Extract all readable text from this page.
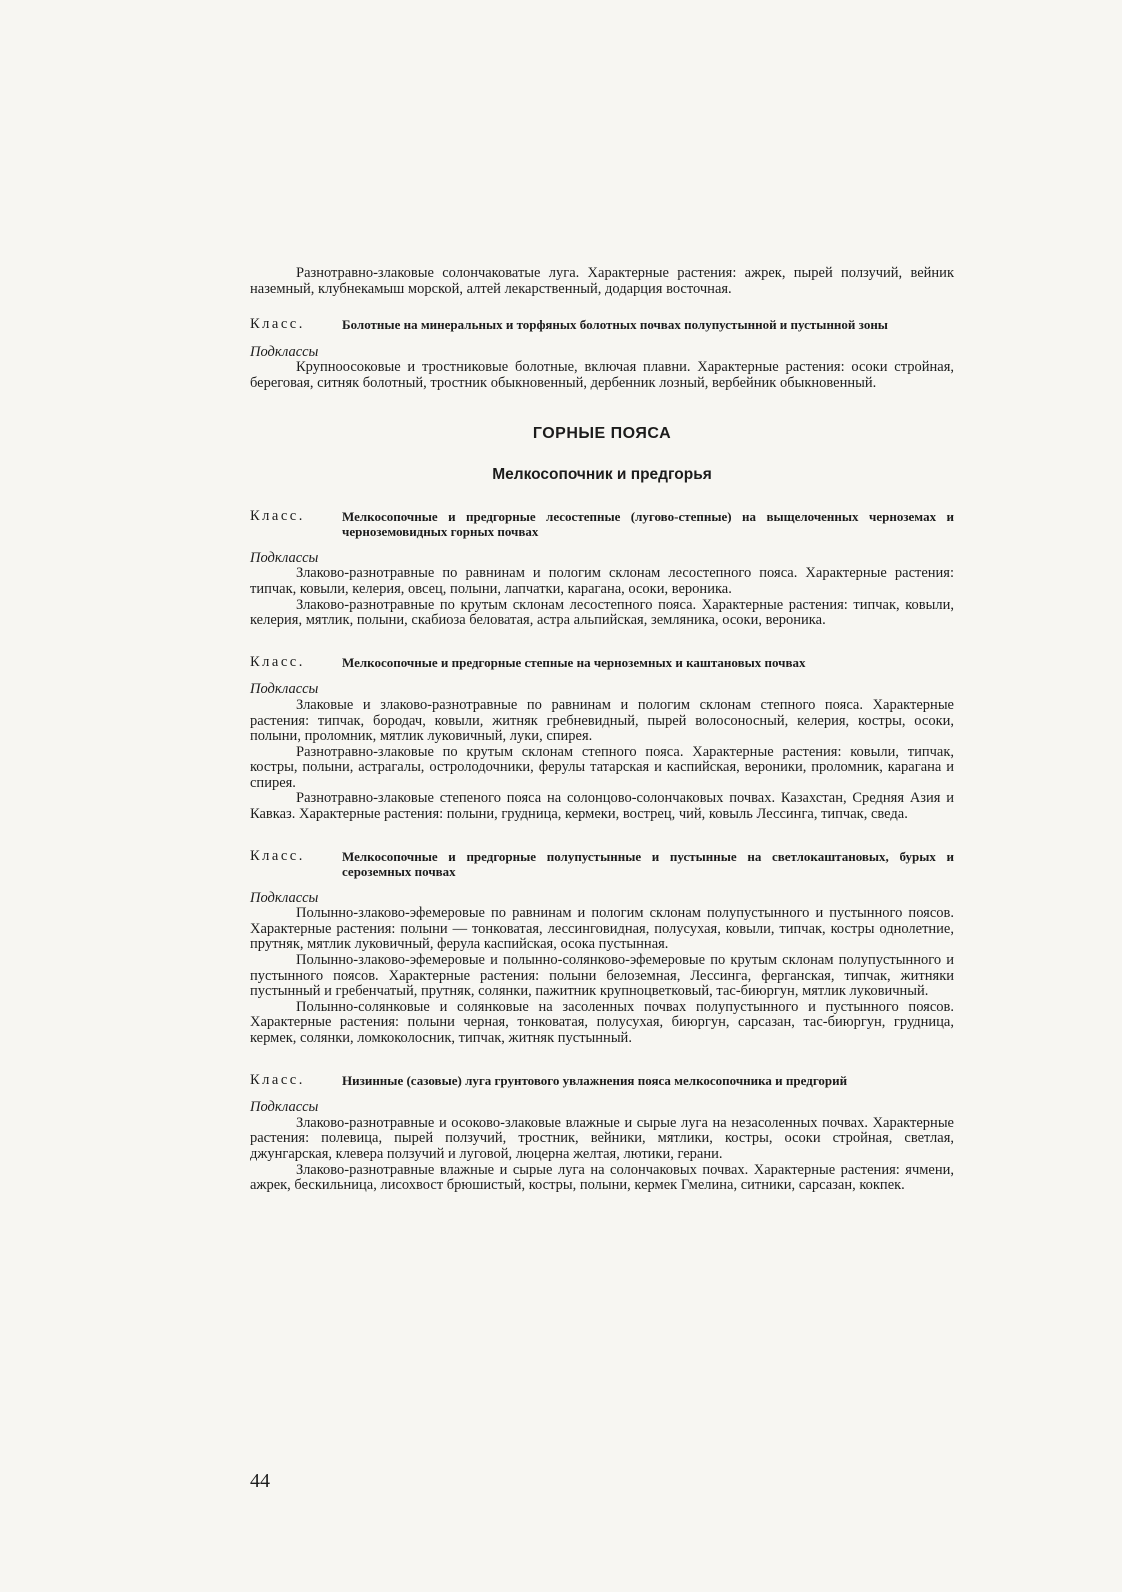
Разнотравно-злаковые солончаковатые луга. Характерные растения: ажрек, пырей ползучий, вейник наземный, клубнекамыш морской, алтей лекарственный, додарция восточная.

Класс.	Болотные на минеральных и торфяных болотных почвах полупустынной и пустынной зоны

Подклассы

Крупноосоковые и тростниковые болотные, включая плавни. Характерные растения: осоки стройная, береговая, ситняк болотный, тростник обыкновенный, дербенник лозный, вербейник обыкновенный.

ГОРНЫЕ ПОЯСА
Мелкосопочник и предгорья
Класс.	Мелкосопочные и предгорные лесостепные (лугово-степные) на выщелоченных черноземах и черноземовидных горных почвах

Подклассы

Злаково-разнотравные по равнинам и пологим склонам лесостепного пояса. Характерные растения: типчак, ковыли, келерия, овсец, полыни, лапчатки, карагана, осоки, вероника.

Злаково-разнотравные по крутым склонам лесостепного пояса. Характерные растения: типчак, ковыли, келерия, мятлик, полыни, скабиоза беловатая, астра альпийская, земляника, осоки, вероника.

Класс.	Мелкосопочные и предгорные степные на черноземных и каштановых почвах

Подклассы

Злаковые и злаково-разнотравные по равнинам и пологим склонам степного пояса. Характерные растения: типчак, бородач, ковыли, житняк гребневидный, пырей волосоносный, келерия, костры, осоки, полыни, проломник, мятлик луковичный, луки, спирея.

Разнотравно-злаковые по крутым склонам степного пояса. Характерные растения: ковыли, типчак, костры, полыни, астрагалы, остролодочники, ферулы татарская и каспийская, вероники, проломник, карагана и спирея.

Разнотравно-злаковые степеного пояса на солонцово-солончаковых почвах. Казахстан, Средняя Азия и Кавказ. Характерные растения: полыни, грудница, кермеки, вострец, чий, ковыль Лессинга, типчак, сведа.

Класс.	Мелкосопочные и предгорные полупустынные и пустынные на светлокаштановых, бурых и сероземных почвах

Подклассы

Полынно-злаково-эфемеровые по равнинам и пологим склонам полупустынного и пустынного поясов. Характерные растения: полыни — тонковатая, лессинговидная, полусухая, ковыли, типчак, костры однолетние, прутняк, мятлик луковичный, ферула каспийская, осока пустынная.

Полынно-злаково-эфемеровые и полынно-солянково-эфемеровые по крутым склонам полупустынного и пустынного поясов. Характерные растения: полыни белоземная, Лессинга, ферганская, типчак, житняки пустынный и гребенчатый, прутняк, солянки, пажитник крупноцветковый, тас-биюргун, мятлик луковичный.

Полынно-солянковые и солянковые на засоленных почвах полупустынного и пустынного поясов. Характерные растения: полыни черная, тонковатая, полусухая, биюргун, сарсазан, тас-биюргун, грудница, кермек, солянки, ломкоколосник, типчак, житняк пустынный.

Класс.	Низинные (сазовые) луга грунтового увлажнения пояса мелкосопочника и предгорий

Подклассы

Злаково-разнотравные и осоково-злаковые влажные и сырые луга на незасоленных почвах. Характерные растения: полевица, пырей ползучий, тростник, вейники, мятлики, костры, осоки стройная, светлая, джунгарская, клевера ползучий и луговой, люцерна желтая, лютики, герани.

Злаково-разнотравные влажные и сырые луга на солончаковых почвах. Характерные растения: ячмени, ажрек, бескильница, лисохвост брюшистый, костры, полыни, кермек Гмелина, ситники, сарсазан, кокпек.

44
